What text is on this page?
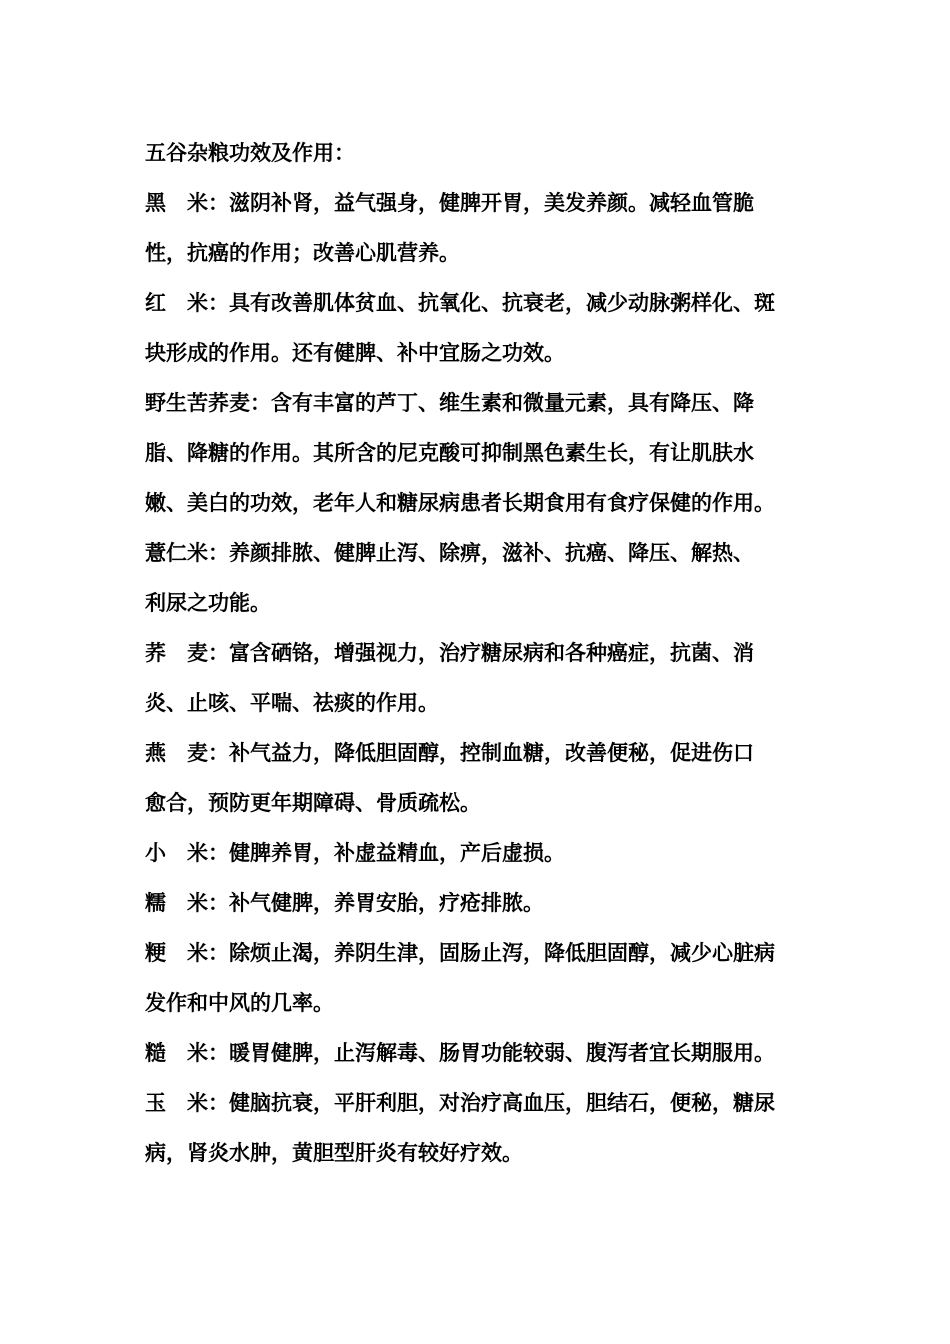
五谷杂粮功效及作用：
黑　米：滋阴补肾，益气强身，健脾开胃，美发养颜。减轻血管脆
性，抗癌的作用；改善心肌营养。
红　米：具有改善肌体贫血、抗氧化、抗衰老，减少动脉粥样化、斑
块形成的作用。还有健脾、补中宜肠之功效。
野生苦荞麦：含有丰富的芦丁、维生素和微量元素，具有降压、降
脂、降糖的作用。其所含的尼克酸可抑制黑色素生长，有让肌肤水
嫩、美白的功效，老年人和糖尿病患者长期食用有食疗保健的作用。
薏仁米：养颜排脓、健脾止泻、除痹，滋补、抗癌、降压、解热、
利尿之功能。
荞　麦：富含硒铬，增强视力，治疗糖尿病和各种癌症，抗菌、消
炎、止咳、平喘、祛痰的作用。
燕　麦：补气益力，降低胆固醇，控制血糖，改善便秘，促进伤口
愈合，预防更年期障碍、骨质疏松。
小　米：健脾养胃，补虚益精血，产后虚损。
糯　米：补气健脾，养胃安胎，疗疮排脓。
粳　米：除烦止渴，养阴生津，固肠止泻，降低胆固醇，减少心脏病
发作和中风的几率。
糙　米：暖胃健脾，止泻解毒、肠胃功能较弱、腹泻者宜长期服用。
玉　米：健脑抗衰，平肝利胆，对治疗高血压，胆结石，便秘，糖尿
病，肾炎水肿，黄胆型肝炎有较好疗效。
